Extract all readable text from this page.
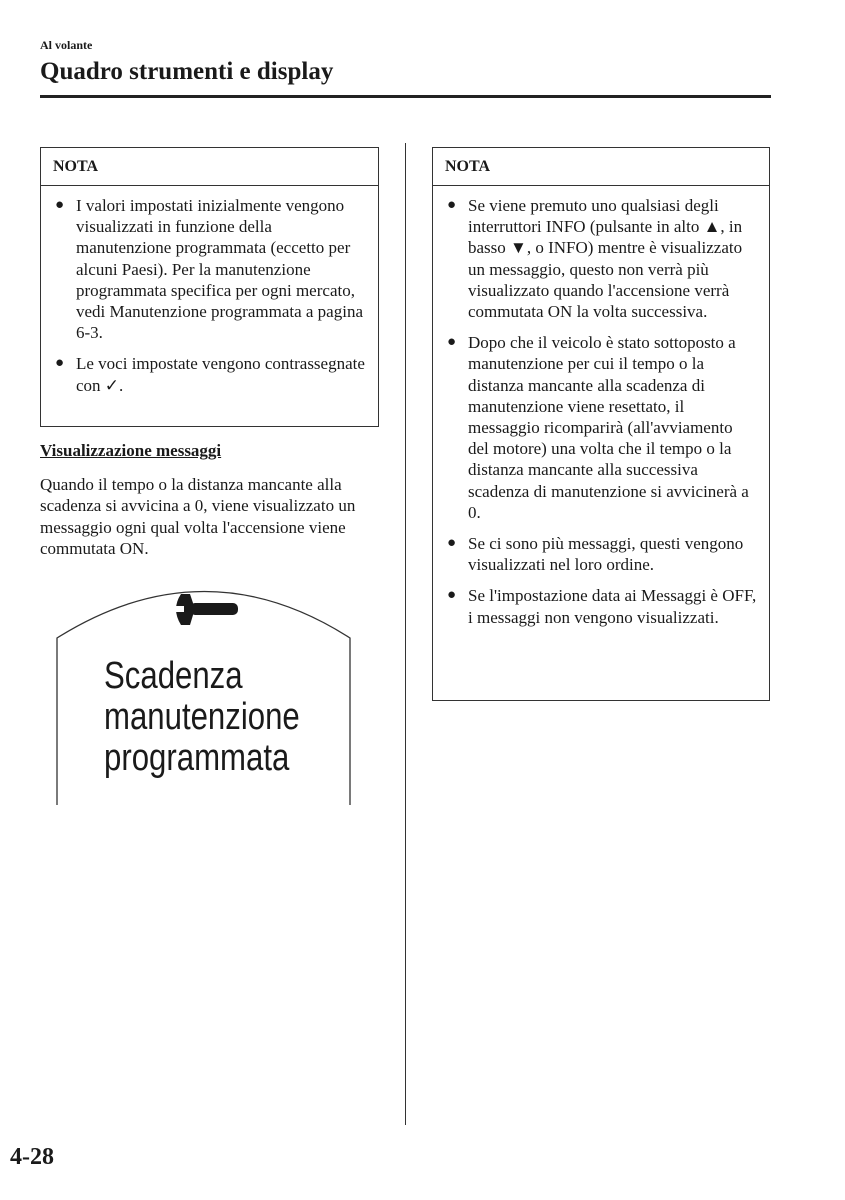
Al volante
Quadro strumenti e display
NOTA
● I valori impostati inizialmente vengono visualizzati in funzione della manutenzione programmata (eccetto per alcuni Paesi). Per la manutenzione programmata specifica per ogni mercato, vedi Manutenzione programmata a pagina 6-3.
● Le voci impostate vengono contrassegnate con ✓.
Visualizzazione messaggi

Quando il tempo o la distanza mancante alla scadenza si avvicina a 0, viene visualizzato un messaggio ogni qual volta l'accensione viene commutata ON.

Scadenza
manutenzione
programmata
NOTA
● Se viene premuto uno qualsiasi degli interruttori INFO (pulsante in alto ▲, in basso ▼, o INFO) mentre è visualizzato un messaggio, questo non verrà più visualizzato quando l'accensione verrà commutata ON la volta successiva.
● Dopo che il veicolo è stato sottoposto a manutenzione per cui il tempo o la distanza mancante alla scadenza di manutenzione viene resettato, il messaggio ricomparirà (all'avviamento del motore) una volta che il tempo o la distanza mancante alla successiva scadenza di manutenzione si avvicinerà a 0.
● Se ci sono più messaggi, questi vengono visualizzati nel loro ordine.
● Se l'impostazione data ai Messaggi è OFF, i messaggi non vengono visualizzati.
4-28
